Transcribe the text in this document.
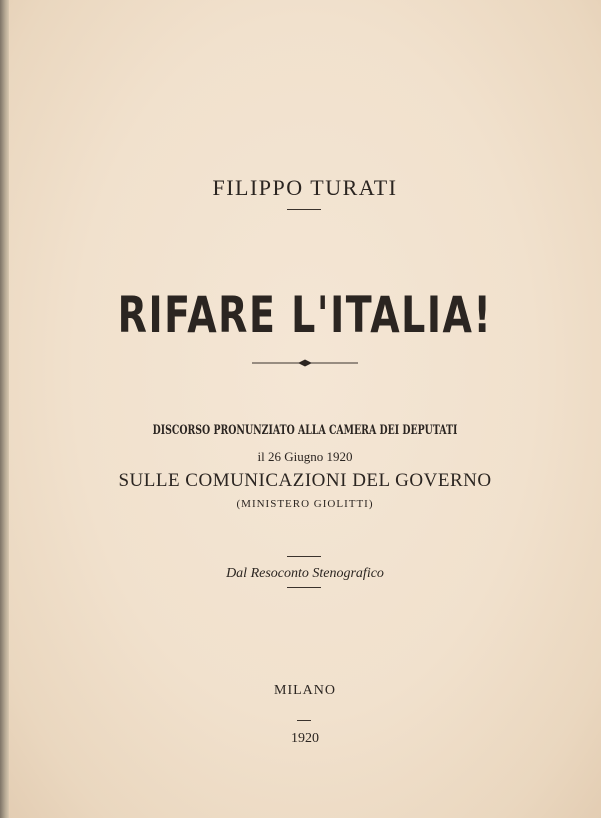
FILIPPO TURATI
RIFARE L'ITALIA!
DISCORSO PRONUNZIATO ALLA CAMERA DEI DEPUTATI
il 26 Giugno 1920
SULLE COMUNICAZIONI DEL GOVERNO
(MINISTERO GIOLITTI)
Dal Resoconto Stenografico
MILANO
1920
